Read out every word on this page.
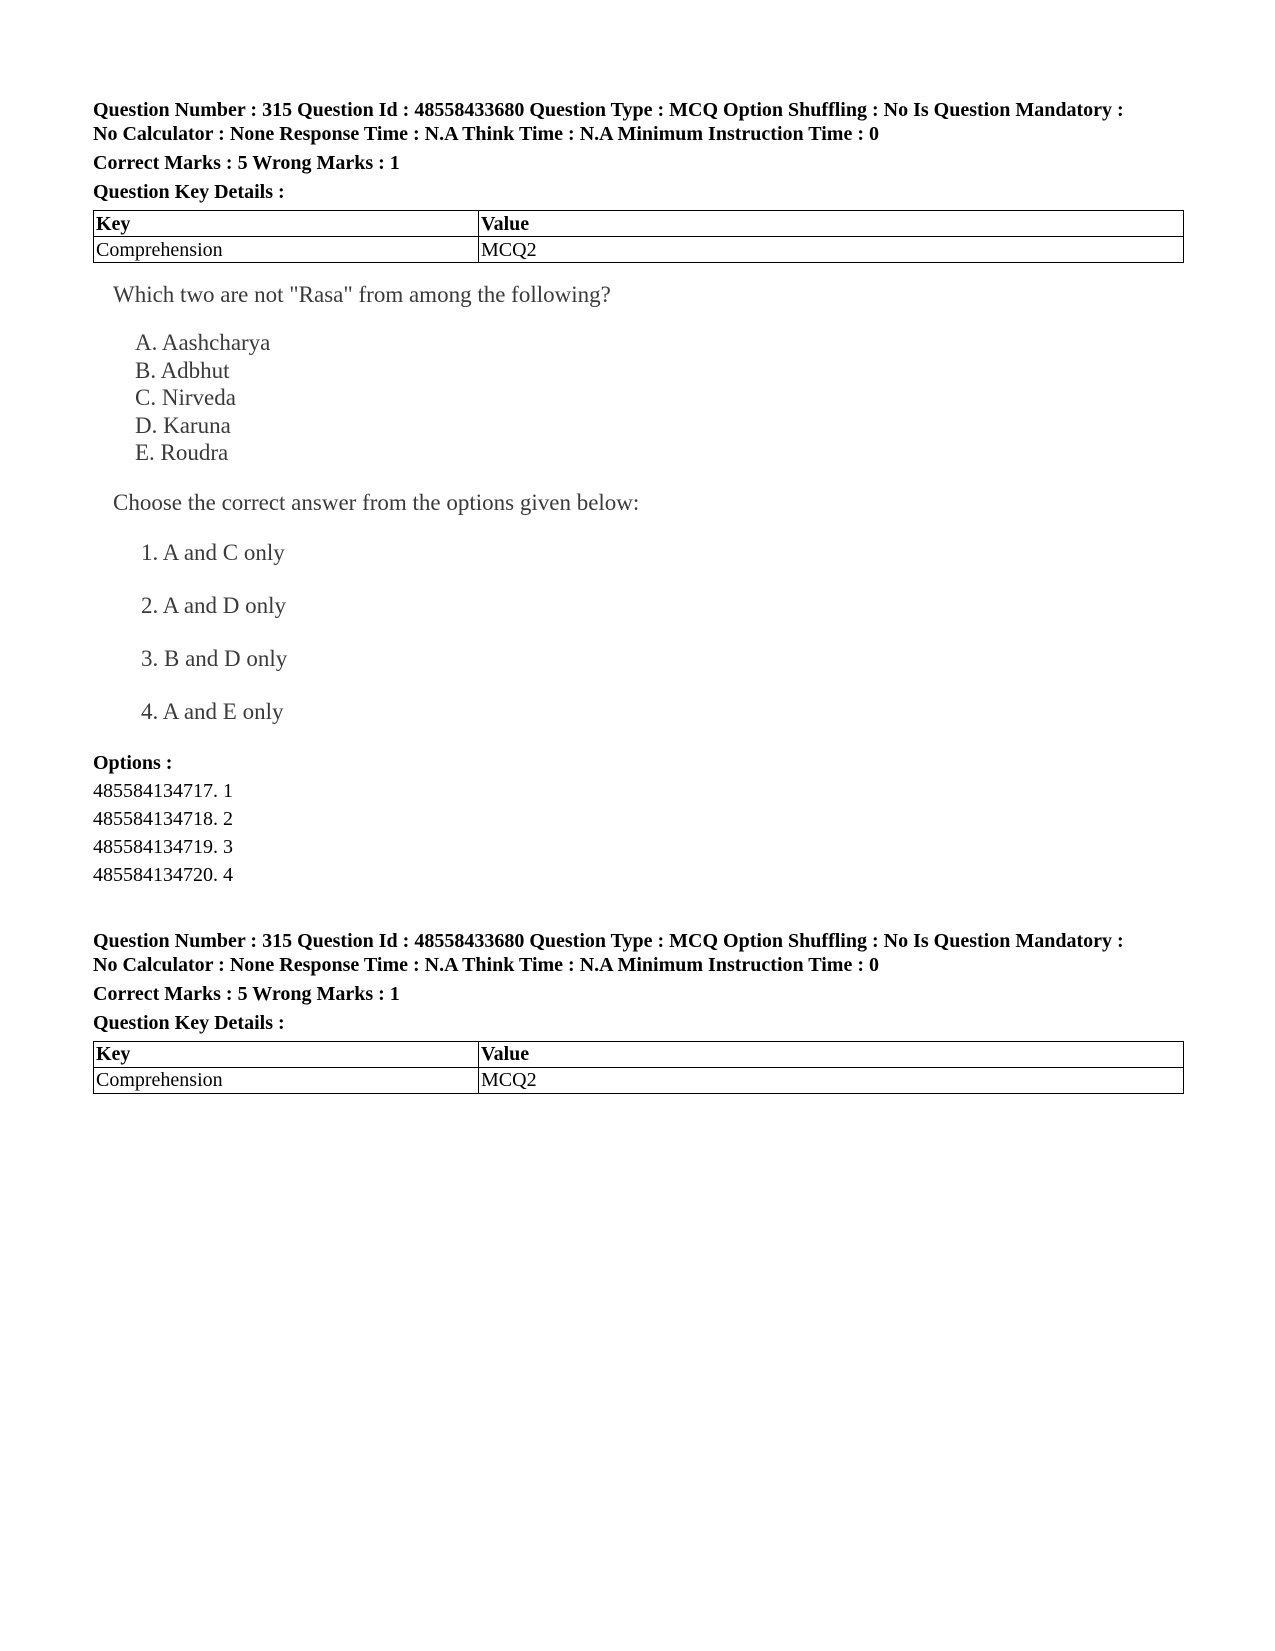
Question Number : 315 Question Id : 48558433680 Question Type : MCQ Option Shuffling : No Is Question Mandatory :
No Calculator : None Response Time : N.A Think Time : N.A Minimum Instruction Time : 0
Correct Marks : 5 Wrong Marks : 1
Question Key Details :
Key	Value
Comprehension	MCQ2
Which two are not "Rasa" from among the following?
A. Aashcharya
B. Adbhut
C. Nirveda
D. Karuna
E. Roudra
Choose the correct answer from the options given below:
1. A and C only
2. A and D only
3. B and D only
4. A and E only
Options :
485584134717. 1
485584134718. 2
485584134719. 3
485584134720. 4
Question Number : 315 Question Id : 48558433680 Question Type : MCQ Option Shuffling : No Is Question Mandatory :
No Calculator : None Response Time : N.A Think Time : N.A Minimum Instruction Time : 0
Correct Marks : 5 Wrong Marks : 1
Question Key Details :
Key	Value
Comprehension	MCQ2
